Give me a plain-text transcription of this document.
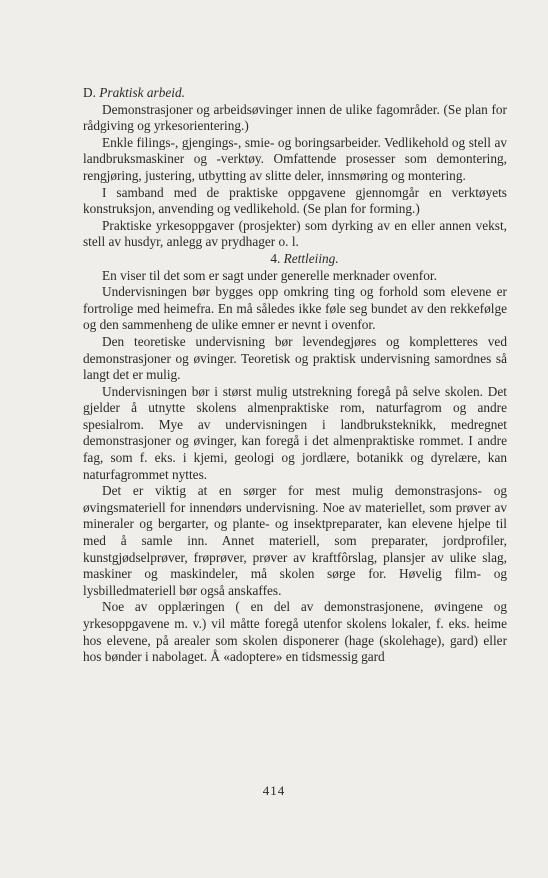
D. Praktisk arbeid.

Demonstrasjoner og arbeidsøvinger innen de ulike fagområder. (Se plan for rådgiving og yrkesorientering.)

Enkle filings-, gjengings-, smie- og boringsarbeider. Vedlikehold og stell av landbruksmaskiner og -verktøy. Omfattende prosesser som demontering, rengjøring, justering, utbytting av slitte deler, innsmøring og montering.

I samband med de praktiske oppgavene gjennomgår en verktøyets konstruksjon, anvending og vedlikehold. (Se plan for forming.)

Praktiske yrkesoppgaver (prosjekter) som dyrking av en eller annen vekst, stell av husdyr, anlegg av prydhager o. l.

4. Rettleiing.

En viser til det som er sagt under generelle merknader ovenfor.

Undervisningen bør bygges opp omkring ting og forhold som elevene er fortrolige med heimefra. En må således ikke føle seg bundet av den rekkefølge og den sammenheng de ulike emner er nevnt i ovenfor.

Den teoretiske undervisning bør levendegjøres og kompletteres ved demonstrasjoner og øvinger. Teoretisk og praktisk undervisning samordnes så langt det er mulig.

Undervisningen bør i størst mulig utstrekning foregå på selve skolen. Det gjelder å utnytte skolens almenpraktiske rom, naturfagrom og andre spesialrom. Mye av undervisningen i landbruksteknikk, medregnet demonstrasjoner og øvinger, kan foregå i det almenpraktiske rommet. I andre fag, som f. eks. i kjemi, geologi og jordlære, botanikk og dyrelære, kan naturfagrommet nyttes.

Det er viktig at en sørger for mest mulig demonstrasjons- og øvingsmateriell for innendørs undervisning. Noe av materiellet, som prøver av mineraler og bergarter, og plante- og insektpreparater, kan elevene hjelpe til med å samle inn. Annet materiell, som preparater, jordprofiler, kunstgjødselprøver, frøprøver, prøver av kraftfôrslag, plansjer av ulike slag, maskiner og maskindeler, må skolen sørge for. Høvelig film- og lysbilledmateriell bør også anskaffes.

Noe av opplæringen ( en del av demonstrasjonene, øvingene og yrkesoppgavene m. v.) vil måtte foregå utenfor skolens lokaler, f. eks. heime hos elevene, på arealer som skolen disponerer (hage (skolehage), gard) eller hos bønder i nabolaget. Å «adoptere» en tidsmessig gard

414
